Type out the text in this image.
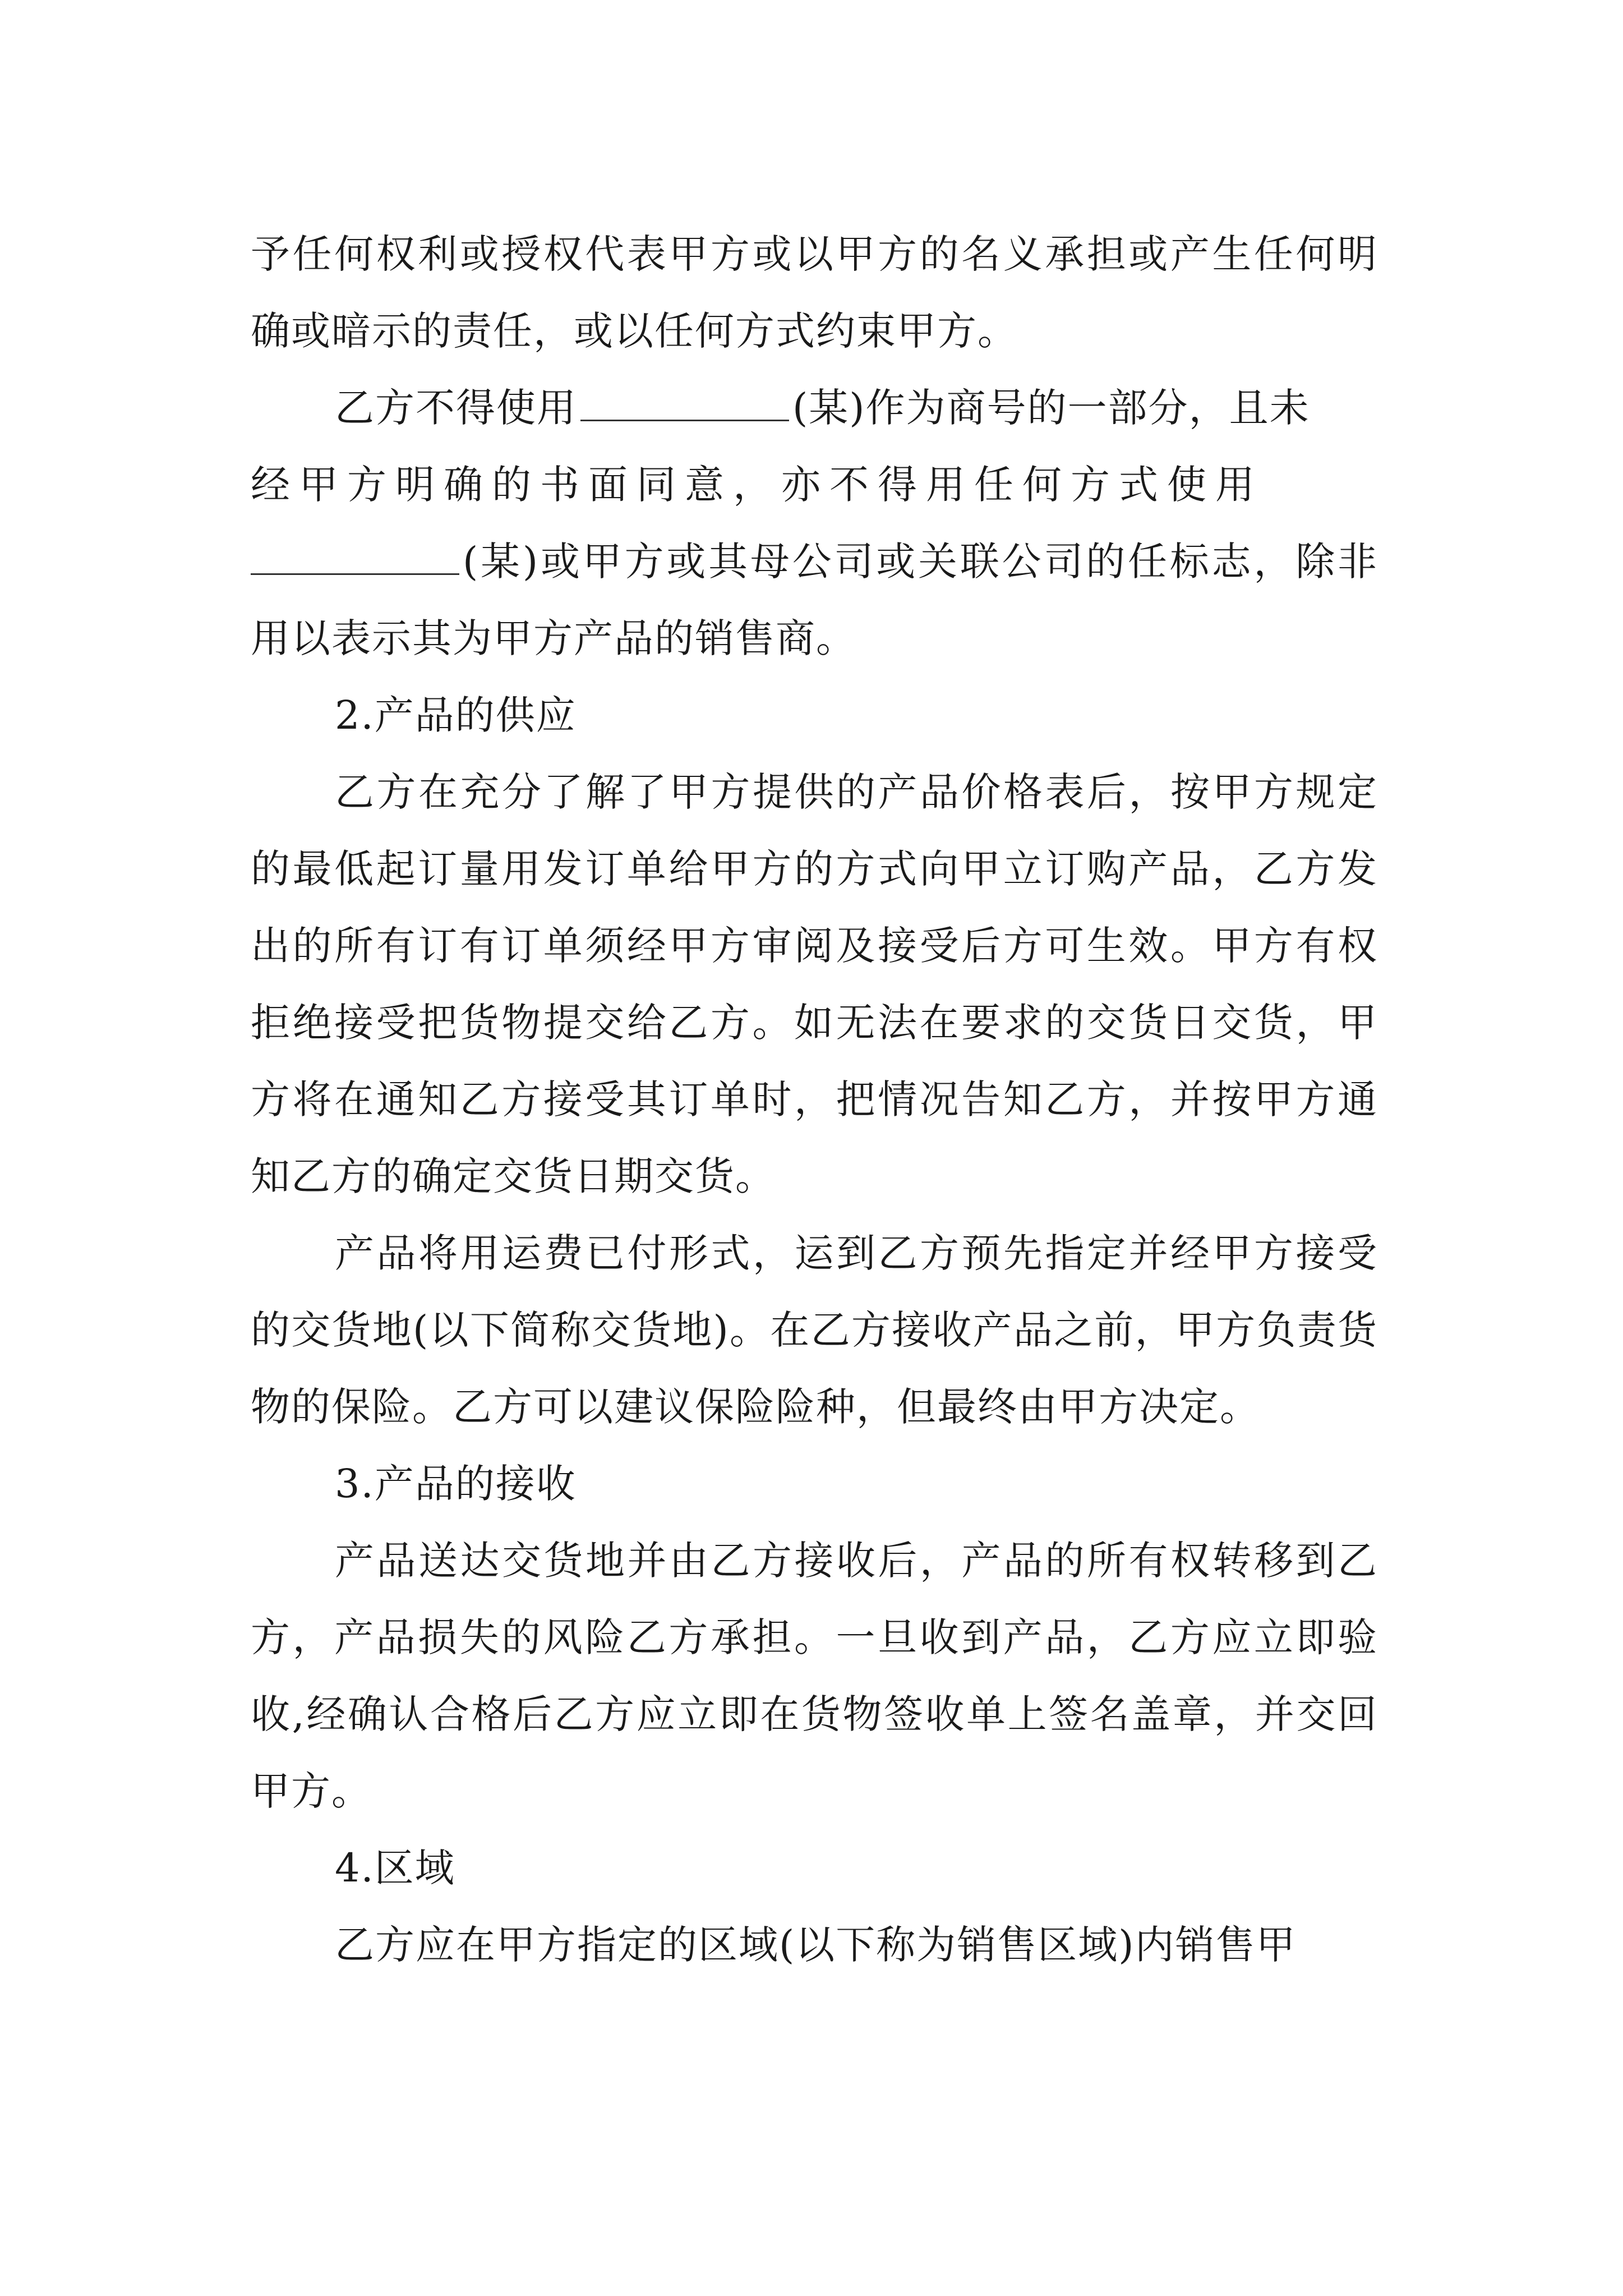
予任何权利或授权代表甲方或以甲方的名义承担或产生任何明确或暗示的责任，或以任何方式约束甲方。

乙方不得使用	(某)作为商号的一部分，且未

经甲方明确的书面同意，亦不得用任何方式使用

(某)或甲方或其母公司或关联公司的任标志，除非用以表示其为甲方产品的销售商。

2.产品的供应

乙方在充分了解了甲方提供的产品价格表后，按甲方规定的最低起订量用发订单给甲方的方式向甲立订购产品，乙方发出的所有订有订单须经甲方审阅及接受后方可生效。甲方有权拒绝接受把货物提交给乙方。如无法在要求的交货日交货，甲方将在通知乙方接受其订单时，把情况告知乙方，并按甲方通知乙方的确定交货日期交货。

产品将用运费已付形式，运到乙方预先指定并经甲方接受的交货地(以下简称交货地)。在乙方接收产品之前，甲方负责货物的保险。乙方可以建议保险险种，但最终由甲方决定。

3.产品的接收

产品送达交货地并由乙方接收后，产品的所有权转移到乙方，产品损失的风险乙方承担。一旦收到产品，乙方应立即验收,经确认合格后乙方应立即在货物签收单上签名盖章，并交回甲方。

4.区域

乙方应在甲方指定的区域(以下称为销售区域)内销售甲
